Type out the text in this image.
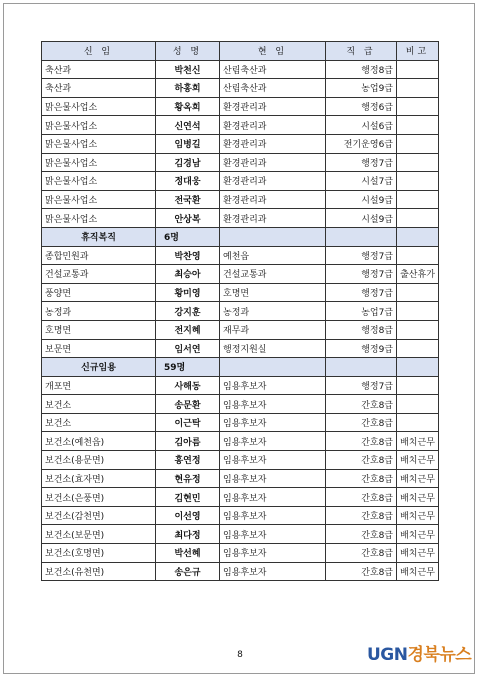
신 임	성 명	현 임	직 급	비고
축산과	박천신	산림축산과	행정8급	
축산과	하홍희	산림축산과	농업9급	
맑은물사업소	황옥희	환경관리과	행정6급	
맑은물사업소	신연석	환경관리과	시설6급	
맑은물사업소	임병길	환경관리과	전기운영6급	
맑은물사업소	김경남	환경관리과	행정7급	
맑은물사업소	정대웅	환경관리과	시설7급	
맑은물사업소	전국환	환경관리과	시설9급	
맑은물사업소	안상복	환경관리과	시설9급	
휴직복직	6명			
종합민원과	박찬영	예천읍	행정7급	
건설교통과	최승아	건설교통과	행정7급	출산휴가
풍양면	황미영	호명면	행정7급	
농정과	강지훈	농정과	농업7급	
호명면	전지혜	재무과	행정8급	
보문면	임서연	행정지원실	행정9급	
신규임용	59명			
개포면	사해동	임용후보자	행정7급	
보건소	송문환	임용후보자	간호8급	
보건소	이근탁	임용후보자	간호8급	
보건소(예천읍)	김아름	임용후보자	간호8급	배치근무
보건소(용문면)	홍연정	임용후보자	간호8급	배치근무
보건소(효자면)	현유정	임용후보자	간호8급	배치근무
보건소(은풍면)	김현민	임용후보자	간호8급	배치근무
보건소(감천면)	이선영	임용후보자	간호8급	배치근무
보건소(보문면)	최다정	임용후보자	간호8급	배치근무
보건소(호명면)	박선혜	임용후보자	간호8급	배치근무
보건소(유천면)	송은규	임용후보자	간호8급	배치근무
8	UGN경북뉴스
